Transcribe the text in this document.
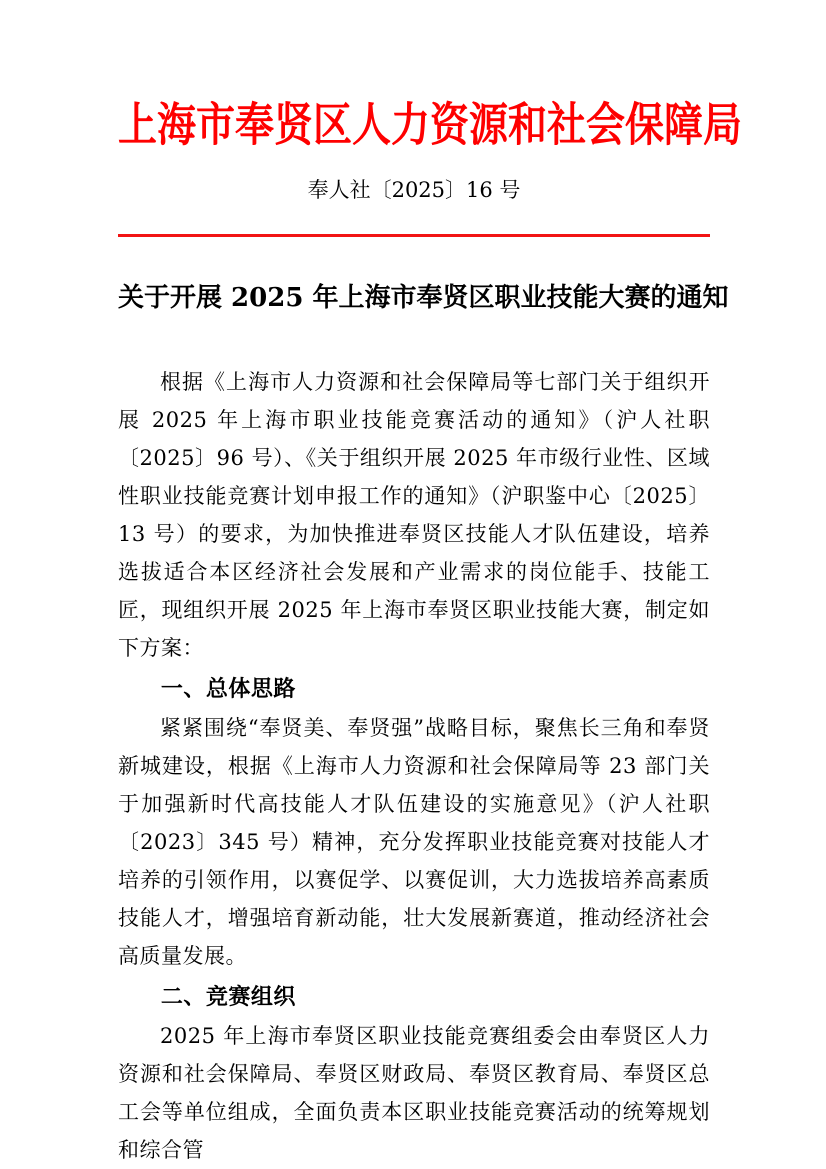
上海市奉贤区人力资源和社会保障局
奉人社〔2025〕16 号
关于开展 2025 年上海市奉贤区职业技能大赛的通知

根据《上海市人力资源和社会保障局等七部门关于组织开展 2025 年上海市职业技能竞赛活动的通知》（沪人社职〔2025〕96 号）、《关于组织开展 2025 年市级行业性、区域性职业技能竞赛计划申报工作的通知》（沪职鉴中心〔2025〕13 号）的要求，为加快推进奉贤区技能人才队伍建设，培养选拔适合本区经济社会发展和产业需求的岗位能手、技能工匠，现组织开展 2025 年上海市奉贤区职业技能大赛，制定如下方案：

一、总体思路

紧紧围绕“奉贤美、奉贤强”战略目标，聚焦长三角和奉贤新城建设，根据《上海市人力资源和社会保障局等 23 部门关于加强新时代高技能人才队伍建设的实施意见》（沪人社职〔2023〕345 号）精神，充分发挥职业技能竞赛对技能人才培养的引领作用，以赛促学、以赛促训，大力选拔培养高素质技能人才，增强培育新动能，壮大发展新赛道，推动经济社会高质量发展。

二、竞赛组织

2025 年上海市奉贤区职业技能竞赛组委会由奉贤区人力资源和社会保障局、奉贤区财政局、奉贤区教育局、奉贤区总工会等单位组成，全面负责本区职业技能竞赛活动的统筹规划和综合管
